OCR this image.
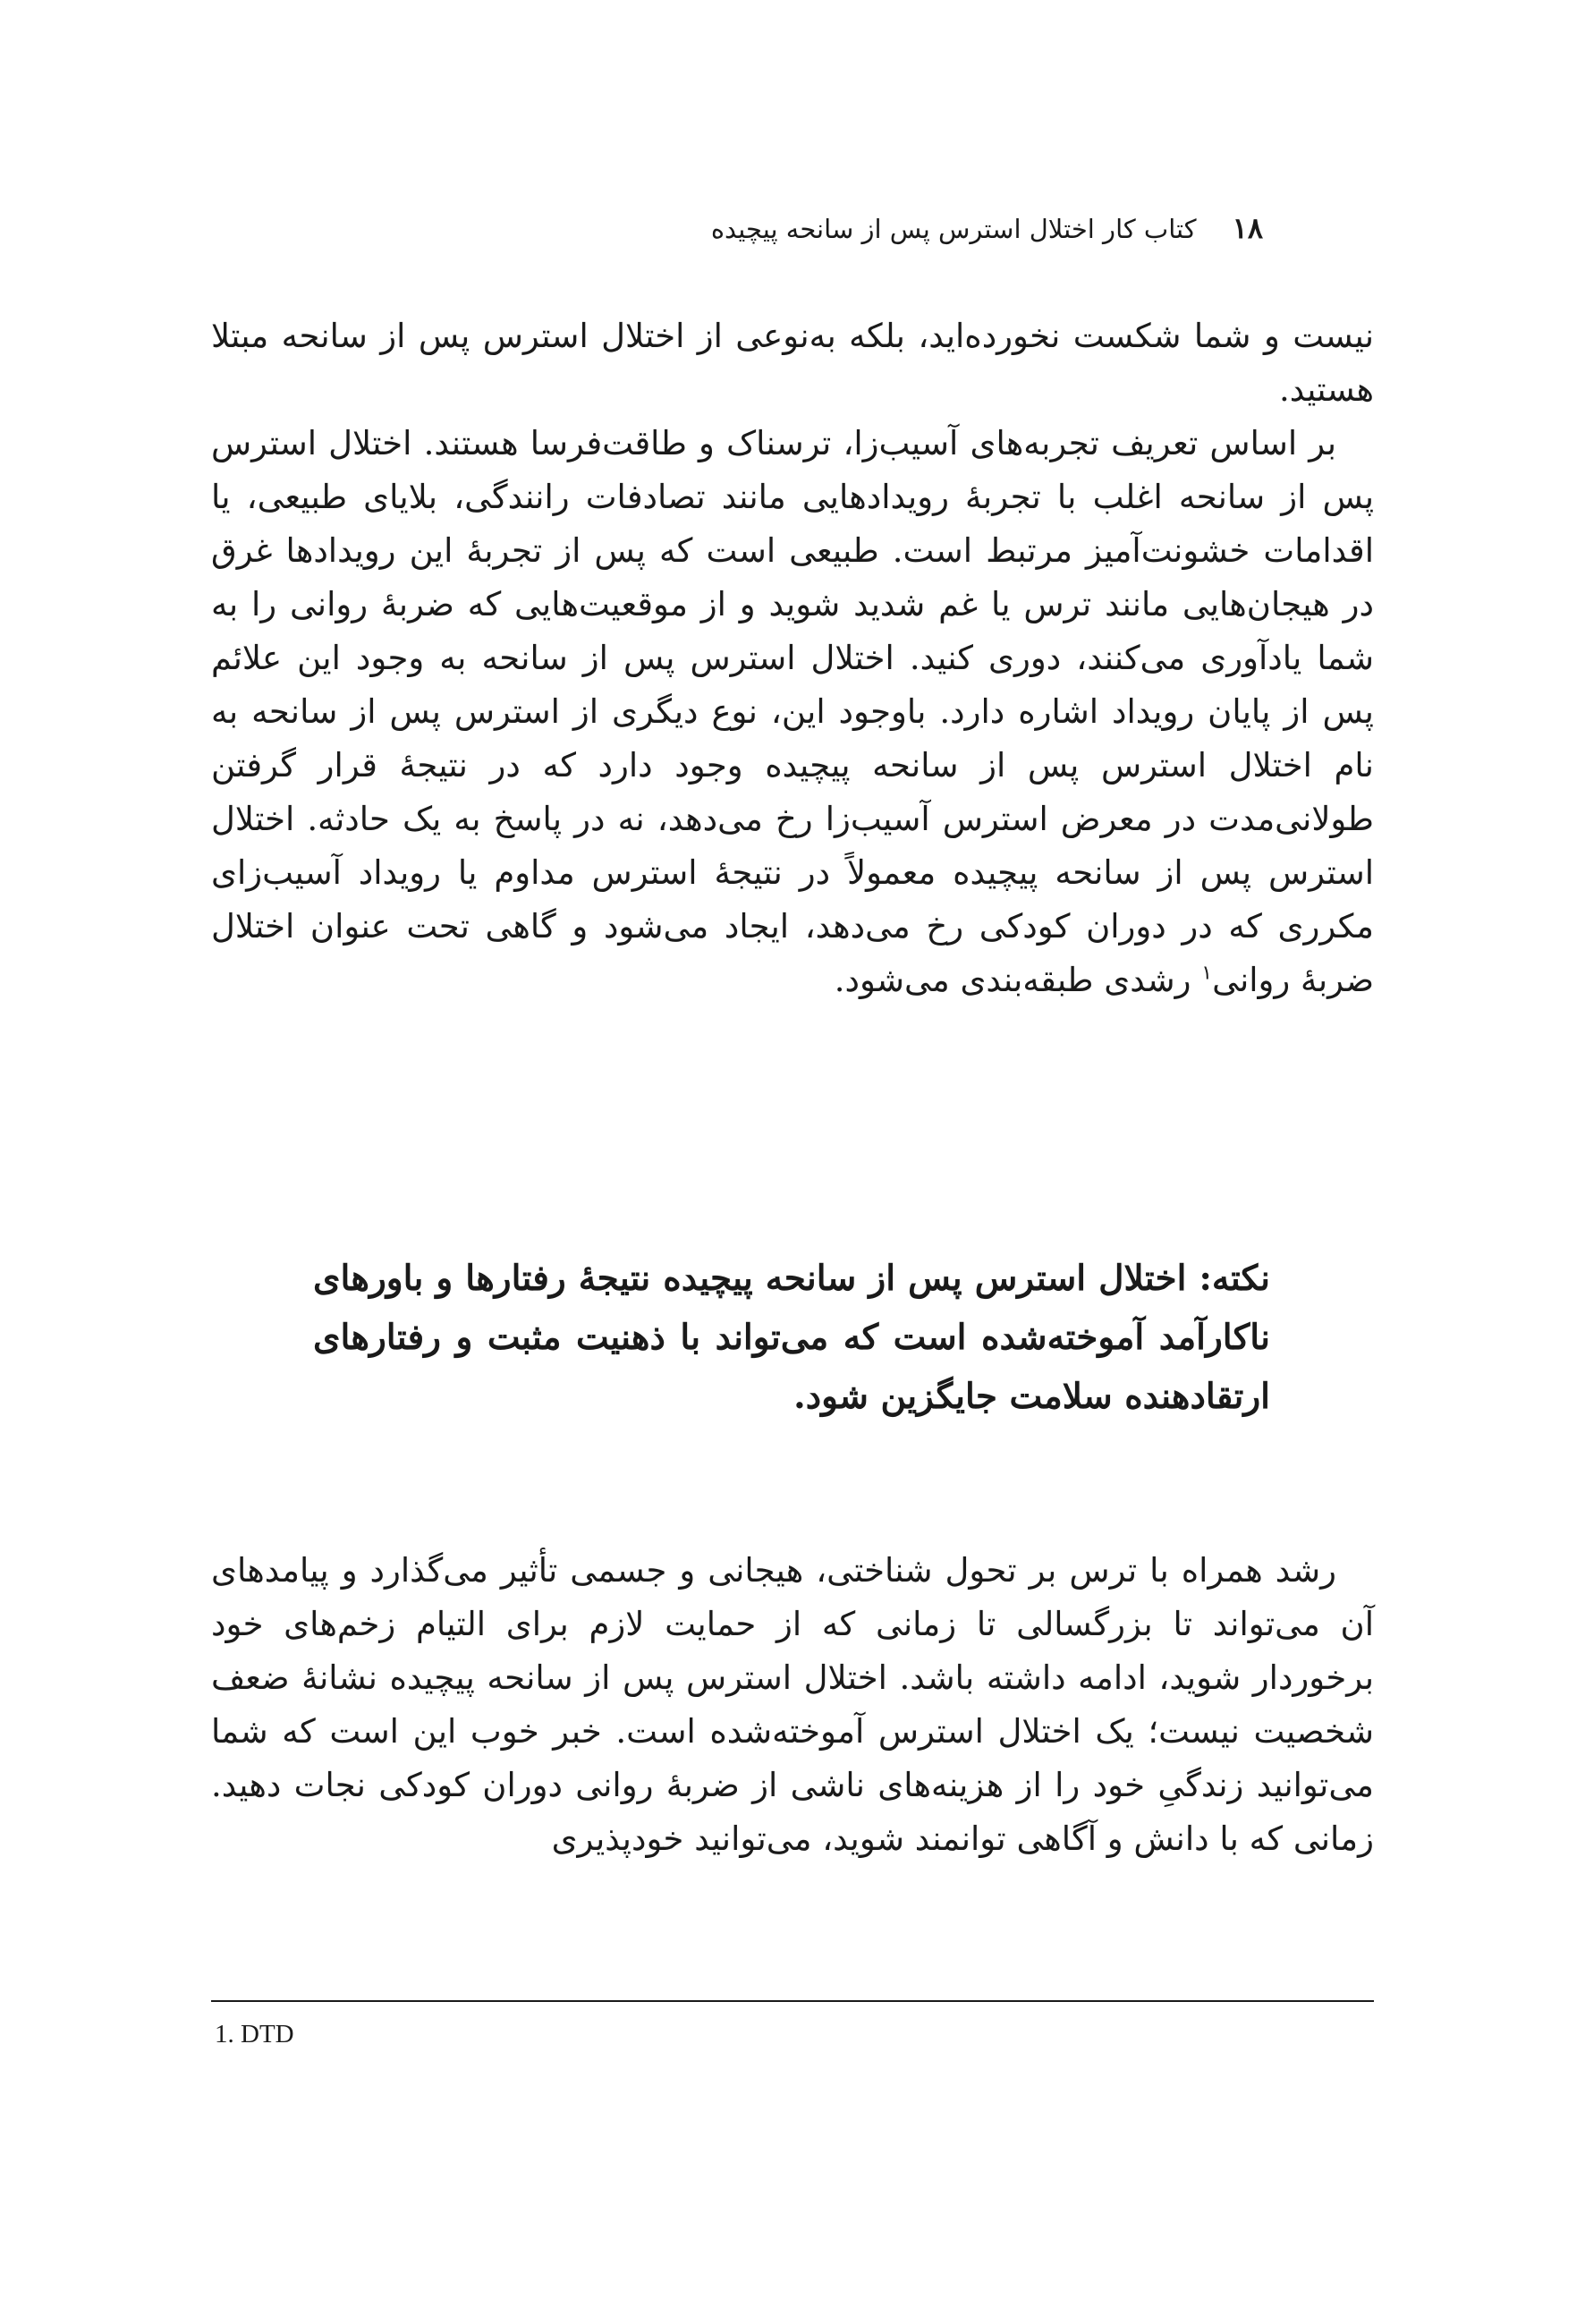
۱۸
کتاب کار اختلال استرس پس از سانحه پیچیده

نیست و شما شکست نخورده‌اید، بلکه به‌نوعی از اختلال استرس پس از سانحه مبتلا هستید.

بر اساس تعریف تجربه‌های آسیب‌زا، ترسناک و طاقت‌فرسا هستند. اختلال استرس پس از سانحه اغلب با تجربهٔ رویدادهایی مانند تصادفات رانندگی، بلایای طبیعی، یا اقدامات خشونت‌آمیز مرتبط است. طبیعی است که پس از تجربهٔ این رویدادها غرق در هیجان‌هایی مانند ترس یا غم شدید شوید و از موقعیت‌هایی که ضربهٔ روانی را به شما یادآوری می‌کنند، دوری کنید. اختلال استرس پس از سانحه به وجود این علائم پس از پایان رویداد اشاره دارد. باوجود این، نوع دیگری از استرس پس از سانحه به نام اختلال استرس پس از سانحه پیچیده وجود دارد که در نتیجهٔ قرار گرفتن طولانی‌مدت در معرض استرس آسیب‌زا رخ می‌دهد، نه در پاسخ به یک حادثه. اختلال استرس پس از سانحه پیچیده معمولاً در نتیجهٔ استرس مداوم یا رویداد آسیب‌زای مکرری که در دوران کودکی رخ می‌دهد، ایجاد می‌شود و گاهی تحت عنوان اختلال ضربهٔ روانی$^۱$ رشدی طبقه‌بندی می‌شود.

نکته: اختلال استرس پس از سانحه پیچیده نتیجهٔ رفتارها و باورهای ناکارآمد آموخته‌شده است که می‌تواند با ذهنیت مثبت و رفتارهای ارتقادهنده سلامت جایگزین شود.

رشد همراه با ترس بر تحول شناختی، هیجانی و جسمی تأثیر می‌گذارد و پیامدهای آن می‌تواند تا بزرگسالی تا زمانی که از حمایت لازم برای التیام زخم‌های خود برخوردار شوید، ادامه داشته باشد. اختلال استرس پس از سانحه پیچیده نشانهٔ ضعف شخصیت نیست؛ یک اختلال استرس آموخته‌شده است. خبر خوب این است که شما می‌توانید زندگیِ خود را از هزینه‌های ناشی از ضربهٔ روانی دوران کودکی نجات دهید. زمانی که با دانش و آگاهی توانمند شوید، می‌توانید خودپذیری

1. DTD
